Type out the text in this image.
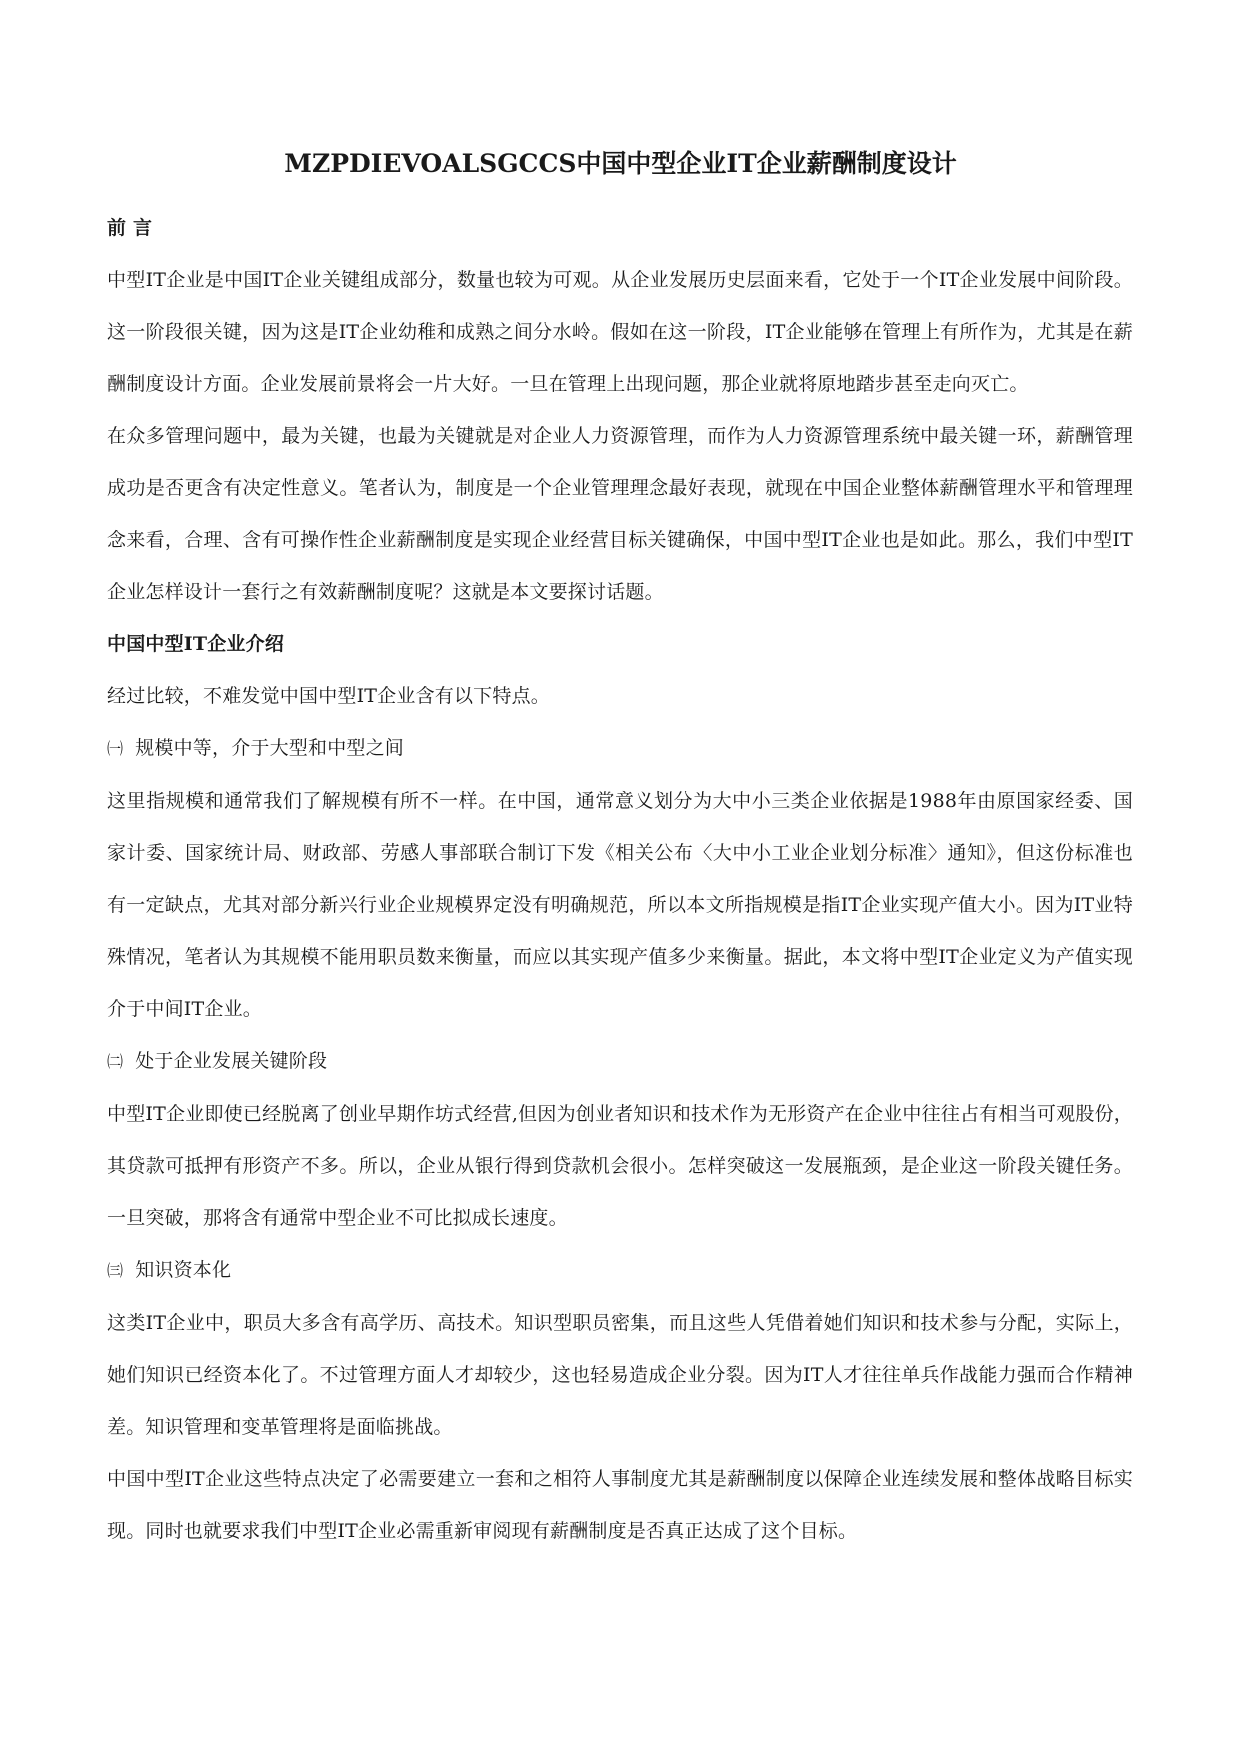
MZPDIEVOALSGCCS中国中型企业IT企业薪酬制度设计

前 言

中型IT企业是中国IT企业关键组成部分，数量也较为可观。从企业发展历史层面来看，它处于一个IT企业发展中间阶段。这一阶段很关键，因为这是IT企业幼稚和成熟之间分水岭。假如在这一阶段，IT企业能够在管理上有所作为，尤其是在薪酬制度设计方面。企业发展前景将会一片大好。一旦在管理上出现问题，那企业就将原地踏步甚至走向灭亡。

在众多管理问题中，最为关键，也最为关键就是对企业人力资源管理，而作为人力资源管理系统中最关键一环，薪酬管理成功是否更含有决定性意义。笔者认为，制度是一个企业管理理念最好表现，就现在中国企业整体薪酬管理水平和管理理念来看，合理、含有可操作性企业薪酬制度是实现企业经营目标关键确保，中国中型IT企业也是如此。那么，我们中型IT企业怎样设计一套行之有效薪酬制度呢？这就是本文要探讨话题。

中国中型IT企业介绍

经过比较，不难发觉中国中型IT企业含有以下特点。

㈠ 规模中等，介于大型和中型之间

这里指规模和通常我们了解规模有所不一样。在中国，通常意义划分为大中小三类企业依据是1988年由原国家经委、国家计委、国家统计局、财政部、劳感人事部联合制订下发《相关公布〈大中小工业企业划分标准〉通知》，但这份标准也有一定缺点，尤其对部分新兴行业企业规模界定没有明确规范，所以本文所指规模是指IT企业实现产值大小。因为IT业特殊情况，笔者认为其规模不能用职员数来衡量，而应以其实现产值多少来衡量。据此，本文将中型IT企业定义为产值实现介于中间IT企业。

㈡ 处于企业发展关键阶段

中型IT企业即使已经脱离了创业早期作坊式经营,但因为创业者知识和技术作为无形资产在企业中往往占有相当可观股份，其贷款可抵押有形资产不多。所以，企业从银行得到贷款机会很小。怎样突破这一发展瓶颈，是企业这一阶段关键任务。一旦突破，那将含有通常中型企业不可比拟成长速度。

㈢ 知识资本化

这类IT企业中，职员大多含有高学历、高技术。知识型职员密集，而且这些人凭借着她们知识和技术参与分配，实际上，她们知识已经资本化了。不过管理方面人才却较少，这也轻易造成企业分裂。因为IT人才往往单兵作战能力强而合作精神差。知识管理和变革管理将是面临挑战。

中国中型IT企业这些特点决定了必需要建立一套和之相符人事制度尤其是薪酬制度以保障企业连续发展和整体战略目标实现。同时也就要求我们中型IT企业必需重新审阅现有薪酬制度是否真正达成了这个目标。
